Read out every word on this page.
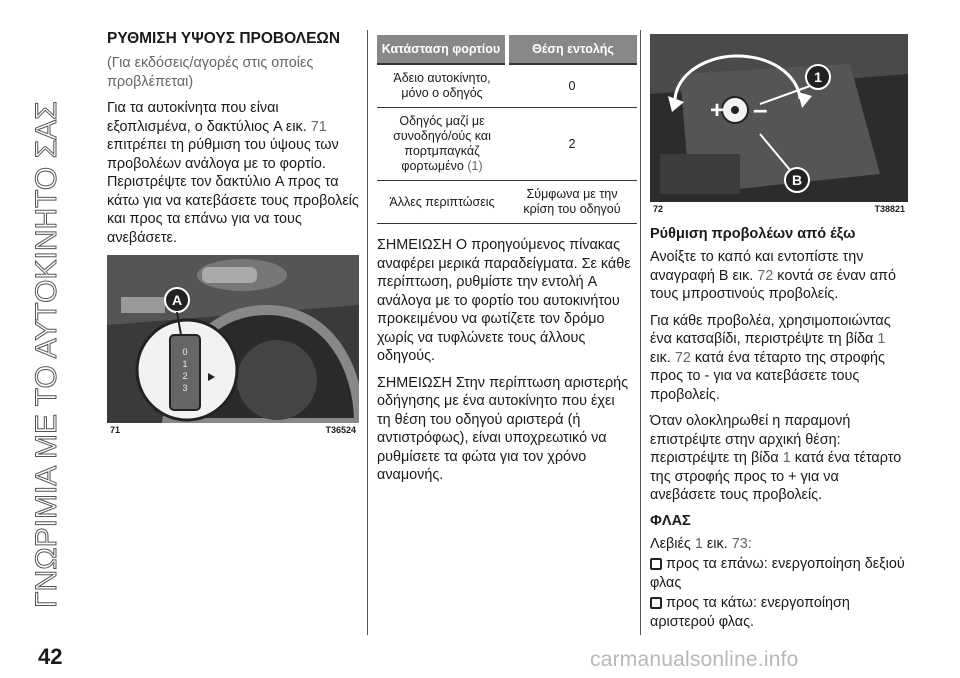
ΓΝΩΡΙΜΙΑ ΜΕ ΤΟ ΑΥΤΟΚΙΝΗΤΟ ΣΑΣ
ΡΥΘΜΙΣΗ ΥΨΟΥΣ ΠΡΟΒΟΛΕΩΝ

(Για εκδόσεις/αγορές στις οποίες προβλέπεται)

Για τα αυτοκίνητα που είναι εξοπλισμένα, ο δακτύλιος A εικ. 71 επιτρέπει τη ρύθμιση του ύψους των προβολέων ανάλογα με το φορτίο. Περιστρέψτε τον δακτύλιο A προς τα κάτω για να κατεβάσετε τους προβολείς και προς τα επάνω για να τους ανεβάσετε.

0
1
2
3
A
71	T36524
Κατάσταση φορτίου	Θέση εντολής
Άδειο αυτοκίνητο, μόνο ο οδηγός	0
Οδηγός μαζί με συνοδηγό/ούς και πορτμπαγκάζ φορτωμένο (1)	2
Άλλες περιπτώσεις	Σύμφωνα με την κρίση του οδηγού

ΣΗΜΕΙΩΣΗ Ο προηγούμενος πίνακας αναφέρει μερικά παραδείγματα. Σε κάθε περίπτωση, ρυθμίστε την εντολή A ανάλογα με το φορτίο του αυτοκινήτου προκειμένου να φωτίζετε τον δρόμο χωρίς να τυφλώνετε τους άλλους οδηγούς.

ΣΗΜΕΙΩΣΗ Στην περίπτωση αριστερής οδήγησης με ένα αυτοκίνητο που έχει τη θέση του οδηγού αριστερά (ή αντιστρόφως), είναι υποχρεωτικό να ρυθμίσετε τα φώτα για τον χρόνο αναμονής.

+ –
1
B
72	T38821
Ρύθμιση προβολέων από έξω

Ανοίξτε το καπό και εντοπίστε την αναγραφή B εικ. 72 κοντά σε έναν από τους μπροστινούς προβολείς.

Για κάθε προβολέα, χρησιμοποιώντας ένα κατσαβίδι, περιστρέψτε τη βίδα 1 εικ. 72 κατά ένα τέταρτο της στροφής προς το - για να κατεβάσετε τους προβολείς.

Όταν ολοκληρωθεί η παραμονή επιστρέψτε στην αρχική θέση: περιστρέψτε τη βίδα 1 κατά ένα τέταρτο της στροφής προς το + για να ανεβάσετε τους προβολείς.

ΦΛΑΣ

Λεβιές 1 εικ. 73:

προς τα επάνω: ενεργοποίηση δεξιού φλας

προς τα κάτω: ενεργοποίηση αριστερού φλας.

42	carmanualsonline.info
